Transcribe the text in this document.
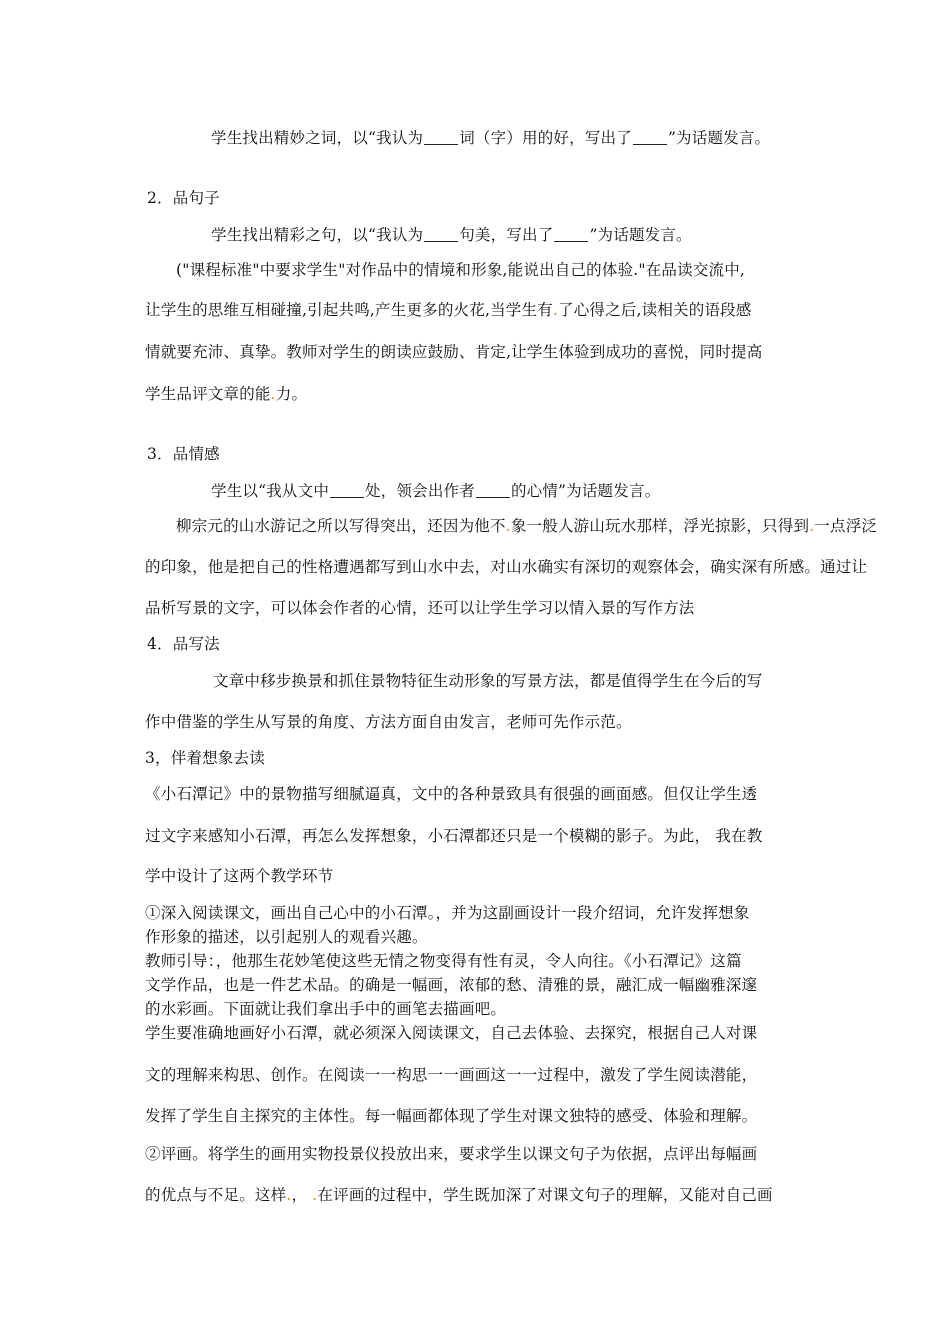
学生找出精妙之词，以“我认为 词（字）用的好，写出了 ”为话题发言。
2．品句子
学生找出精彩之句，以“我认为 句美，写出了 ”为话题发言。
("课程标准"中要求学生"对作品中的情境和形象,能说出自己的体验."在品读交流中,
让学生的思维互相碰撞,引起共鸣,产生更多的火花,当学生有.了心得之后,读相关的语段感
情就要充沛、真挚。教师对学生的朗读应鼓励、肯定,让学生体验到成功的喜悦，同时提高
学生品评文章的能.力。
3．品情感
学生以“我从文中 处，领会出作者 的心情”为话题发言。
柳宗元的山水游记之所以写得突出，还因为他不.象一般人游山玩水那样，浮光掠影，只得到.一点浮泛
的印象，他是把自己的性格遭遇都写到山水中去，对山水确实有深切的观察体会，确实深有所感。通过让
品析写景的文字，可以体会作者的心情，还可以让学生学习以情入景的写作方法
4．品写法
文章中移步换景和抓住景物特征生动形象的写景方法，都是值得学生在今后的写
作中借鉴的学生从写景的角度、方法方面自由发言，老师可先作示范。
3，伴着想象去读
《小石潭记》中的景物描写细腻逼真，文中的各种景致具有很强的画面感。但仅让学生透
过文字来感知小石潭，再怎么发挥想象，小石潭都还只是一个模糊的影子。为此， 我在教
学中设计了这两个教学环节
①深入阅读课文，画出自己心中的小石潭。，并为这副画设计一段介绍词，允许发挥想象
作形象的描述，以引起别人的观看兴趣。
教师引导：，他那生花妙笔使这些无情之物变得有性有灵，令人向往。《小石潭记》这篇
文学作品，也是一件艺术品。的确是一幅画，浓郁的愁、清雅的景，融汇成一幅幽雅深邃
的水彩画。下面就让我们拿出手中的画笔去描画吧。
学生要准确地画好小石潭，就必须深入阅读课文，自己去体验、去探究，根据自己人对课
文的理解来构思、创作。在阅读一一构思一一画画这一一过程中，激发了学生阅读潜能，
发挥了学生自主探究的主体性。每一幅画都体现了学生对课文独特的感受、体验和理解。
②评画。将学生的画用实物投景仪投放出来，要求学生以课文句子为依据，点评出每幅画
的优点与不足。这样.， .在评画的过程中，学生既加深了对课文句子的理解，又能对自己画
